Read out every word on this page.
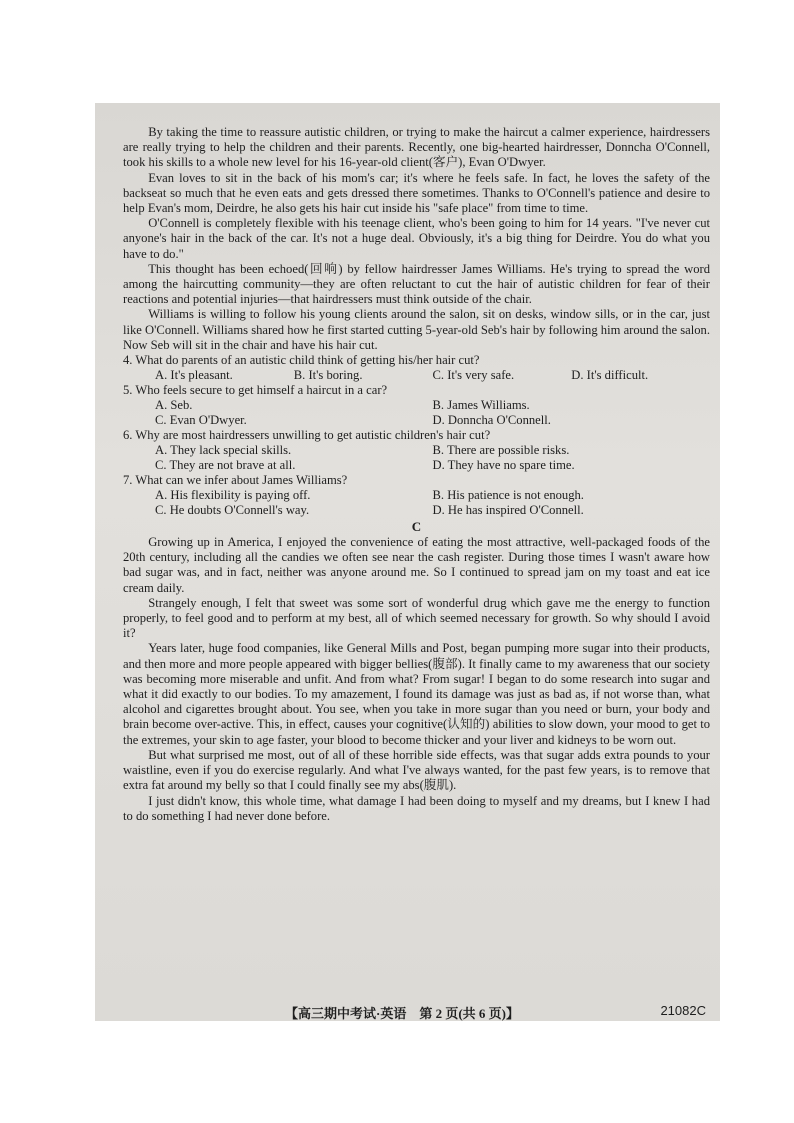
By taking the time to reassure autistic children, or trying to make the haircut a calmer experience, hairdressers are really trying to help the children and their parents. Recently, one big-hearted hairdresser, Donncha O'Connell, took his skills to a whole new level for his 16-year-old client(客户), Evan O'Dwyer.

Evan loves to sit in the back of his mom's car; it's where he feels safe. In fact, he loves the safety of the backseat so much that he even eats and gets dressed there sometimes. Thanks to O'Connell's patience and desire to help Evan's mom, Deirdre, he also gets his hair cut inside his "safe place" from time to time.

O'Connell is completely flexible with his teenage client, who's been going to him for 14 years. "I've never cut anyone's hair in the back of the car. It's not a huge deal. Obviously, it's a big thing for Deirdre. You do what you have to do."

This thought has been echoed(回响) by fellow hairdresser James Williams. He's trying to spread the word among the haircutting community—they are often reluctant to cut the hair of autistic children for fear of their reactions and potential injuries—that hairdressers must think outside of the chair.

Williams is willing to follow his young clients around the salon, sit on desks, window sills, or in the car, just like O'Connell. Williams shared how he first started cutting 5-year-old Seb's hair by following him around the salon. Now Seb will sit in the chair and have his hair cut.

4. What do parents of an autistic child think of getting his/her hair cut?

A. It's pleasant.	B. It's boring.	C. It's very safe.	D. It's difficult.

5. Who feels secure to get himself a haircut in a car?

A. Seb.	B. James Williams.
C. Evan O'Dwyer.	D. Donncha O'Connell.

6. Why are most hairdressers unwilling to get autistic children's hair cut?

A. They lack special skills.	B. There are possible risks.
C. They are not brave at all.	D. They have no spare time.

7. What can we infer about James Williams?

A. His flexibility is paying off.	B. His patience is not enough.
C. He doubts O'Connell's way.	D. He has inspired O'Connell.

C

Growing up in America, I enjoyed the convenience of eating the most attractive, well-packaged foods of the 20th century, including all the candies we often see near the cash register. During those times I wasn't aware how bad sugar was, and in fact, neither was anyone around me. So I continued to spread jam on my toast and eat ice cream daily.

Strangely enough, I felt that sweet was some sort of wonderful drug which gave me the energy to function properly, to feel good and to perform at my best, all of which seemed necessary for growth. So why should I avoid it?

Years later, huge food companies, like General Mills and Post, began pumping more sugar into their products, and then more and more people appeared with bigger bellies(腹部). It finally came to my awareness that our society was becoming more miserable and unfit. And from what? From sugar! I began to do some research into sugar and what it did exactly to our bodies. To my amazement, I found its damage was just as bad as, if not worse than, what alcohol and cigarettes brought about. You see, when you take in more sugar than you need or burn, your body and brain become over-active. This, in effect, causes your cognitive(认知的) abilities to slow down, your mood to get to the extremes, your skin to age faster, your blood to become thicker and your liver and kidneys to be worn out.

But what surprised me most, out of all of these horrible side effects, was that sugar adds extra pounds to your waistline, even if you do exercise regularly. And what I've always wanted, for the past few years, is to remove that extra fat around my belly so that I could finally see my abs(腹肌).

I just didn't know, this whole time, what damage I had been doing to myself and my dreams, but I knew I had to do something I had never done before.

【高三期中考试·英语　第 2 页(共 6 页)】	21082C
